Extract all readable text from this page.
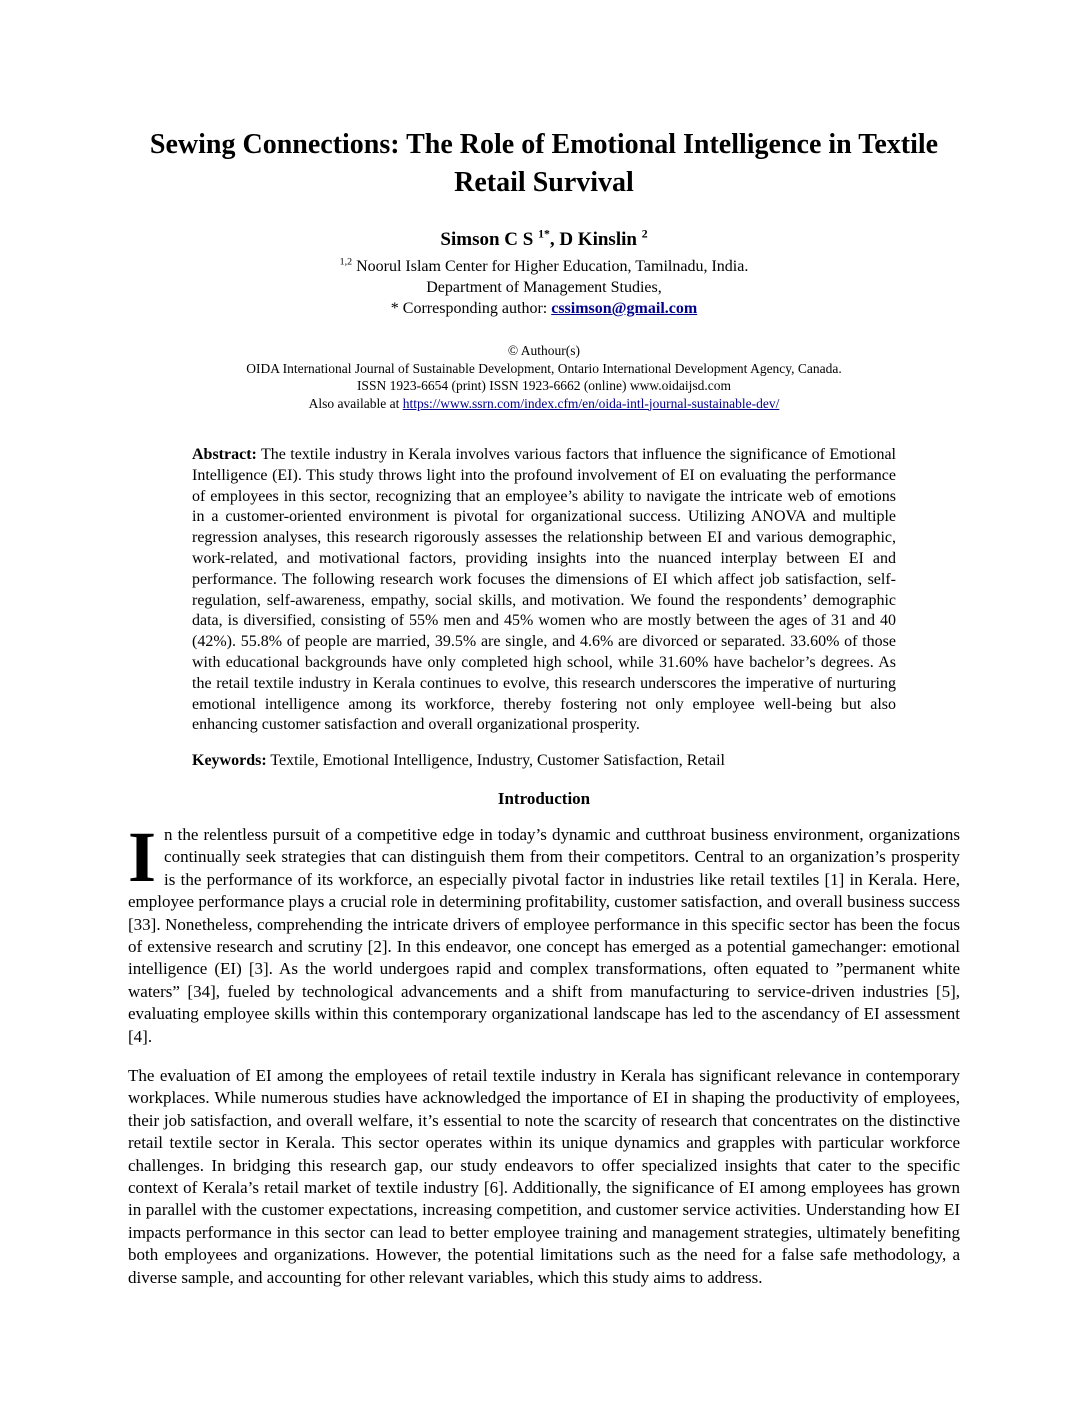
Sewing Connections: The Role of Emotional Intelligence in Textile Retail Survival
Simson C S $^{1*}$, D Kinslin $^2$
$^{1,2}$ Noorul Islam Center for Higher Education, Tamilnadu, India.
Department of Management Studies,
* Corresponding author: cssimson@gmail.com
© Authour(s)
OIDA International Journal of Sustainable Development, Ontario International Development Agency, Canada.
ISSN 1923-6654 (print) ISSN 1923-6662 (online) www.oidaijsd.com
Also available at https://www.ssrn.com/index.cfm/en/oida-intl-journal-sustainable-dev/

Abstract: The textile industry in Kerala involves various factors that influence the significance of Emotional Intelligence (EI). This study throws light into the profound involvement of EI on evaluating the performance of employees in this sector, recognizing that an employee’s ability to navigate the intricate web of emotions in a customer-oriented environment is pivotal for organizational success. Utilizing ANOVA and multiple regression analyses, this research rigorously assesses the relationship between EI and various demographic, work-related, and motivational factors, providing insights into the nuanced interplay between EI and performance. The following research work focuses the dimensions of EI which affect job satisfaction, self-regulation, self-awareness, empathy, social skills, and motivation. We found the respondents’ demographic data, is diversified, consisting of 55% men and 45% women who are mostly between the ages of 31 and 40 (42%). 55.8% of people are married, 39.5% are single, and 4.6% are divorced or separated. 33.60% of those with educational backgrounds have only completed high school, while 31.60% have bachelor’s degrees. As the retail textile industry in Kerala continues to evolve, this research underscores the imperative of nurturing emotional intelligence among its workforce, thereby fostering not only employee well-being but also enhancing customer satisfaction and overall organizational prosperity.

Keywords: Textile, Emotional Intelligence, Industry, Customer Satisfaction, Retail

Introduction

In the relentless pursuit of a competitive edge in today’s dynamic and cutthroat business environment, organizations continually seek strategies that can distinguish them from their competitors. Central to an organization’s prosperity is the performance of its workforce, an especially pivotal factor in industries like retail textiles [1] in Kerala. Here, employee performance plays a crucial role in determining profitability, customer satisfaction, and overall business success [33]. Nonetheless, comprehending the intricate drivers of employee performance in this specific sector has been the focus of extensive research and scrutiny [2]. In this endeavor, one concept has emerged as a potential gamechanger: emotional intelligence (EI) [3]. As the world undergoes rapid and complex transformations, often equated to ”permanent white waters” [34], fueled by technological advancements and a shift from manufacturing to service-driven industries [5], evaluating employee skills within this contemporary organizational landscape has led to the ascendancy of EI assessment [4].

The evaluation of EI among the employees of retail textile industry in Kerala has significant relevance in contemporary workplaces. While numerous studies have acknowledged the importance of EI in shaping the productivity of employees, their job satisfaction, and overall welfare, it’s essential to note the scarcity of research that concentrates on the distinctive retail textile sector in Kerala. This sector operates within its unique dynamics and grapples with particular workforce challenges. In bridging this research gap, our study endeavors to offer specialized insights that cater to the specific context of Kerala’s retail market of textile industry [6]. Additionally, the significance of EI among employees has grown in parallel with the customer expectations, increasing competition, and customer service activities. Understanding how EI impacts performance in this sector can lead to better employee training and management strategies, ultimately benefiting both employees and organizations. However, the potential limitations such as the need for a false safe methodology, a diverse sample, and accounting for other relevant variables, which this study aims to address.
